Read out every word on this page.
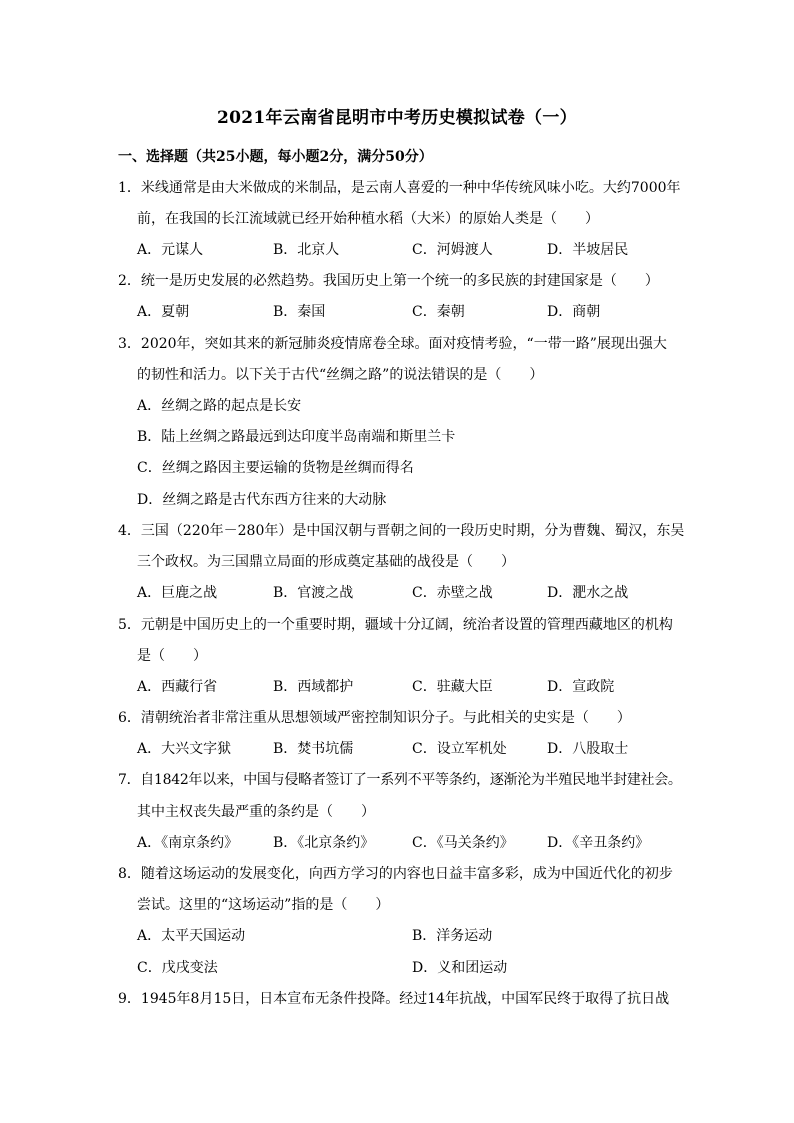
2021年云南省昆明市中考历史模拟试卷（一）
一、选择题（共25小题，每小题2分，满分50分）
1．米线通常是由大米做成的米制品，是云南人喜爱的一种中华传统风味小吃。大约7000年
前，在我国的长江流域就已经开始种植水稻（大米）的原始人类是（　　）
A．元谋人	B．北京人	C．河姆渡人	D．半坡居民
2．统一是历史发展的必然趋势。我国历史上第一个统一的多民族的封建国家是（　　）
A．夏朝	B．秦国	C．秦朝	D．商朝
3．2020年，突如其来的新冠肺炎疫情席卷全球。面对疫情考验，“一带一路”展现出强大
的韧性和活力。以下关于古代“丝绸之路”的说法错误的是（　　）
A．丝绸之路的起点是长安
B．陆上丝绸之路最远到达印度半岛南端和斯里兰卡
C．丝绸之路因主要运输的货物是丝绸而得名
D．丝绸之路是古代东西方往来的大动脉
4．三国（220年－280年）是中国汉朝与晋朝之间的一段历史时期，分为曹魏、蜀汉，东吴
三个政权。为三国鼎立局面的形成奠定基础的战役是（　　）
A．巨鹿之战	B．官渡之战	C．赤壁之战	D．淝水之战
5．元朝是中国历史上的一个重要时期，疆域十分辽阔，统治者设置的管理西藏地区的机构
是（　　）
A．西藏行省	B．西域都护	C．驻藏大臣	D．宣政院
6．清朝统治者非常注重从思想领域严密控制知识分子。与此相关的史实是（　　）
A．大兴文字狱	B．焚书坑儒	C．设立军机处	D．八股取士
7．自1842年以来，中国与侵略者签订了一系列不平等条约，逐渐沦为半殖民地半封建社会。
其中主权丧失最严重的条约是（　　）
A．《南京条约》 B．《北京条约》	C．《马关条约》 D．《辛丑条约》
8．随着这场运动的发展变化，向西方学习的内容也日益丰富多彩，成为中国近代化的初步
尝试。这里的“这场运动”指的是（　　）
A．太平天国运动	B．洋务运动
C．戊戌变法	D．义和团运动
9．1945年8月15日，日本宣布无条件投降。经过14年抗战，中国军民终于取得了抗日战
